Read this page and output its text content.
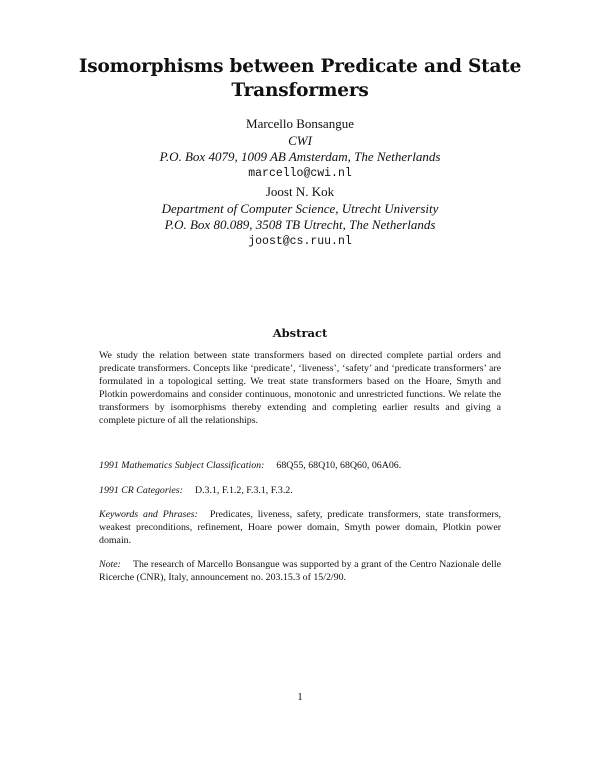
Isomorphisms between Predicate and State
Transformers
Marcello Bonsangue
CWI
P.O. Box 4079, 1009 AB Amsterdam, The Netherlands
marcello@cwi.nl
Joost N. Kok
Department of Computer Science, Utrecht University
P.O. Box 80.089, 3508 TB Utrecht, The Netherlands
joost@cs.ruu.nl
Abstract
We study the relation between state transformers based on directed complete partial orders and predicate transformers. Concepts like ‘predicate’, ‘liveness’, ‘safety’ and ‘predicate transformers’ are formulated in a topological setting. We treat state transformers based on the Hoare, Smyth and Plotkin powerdomains and consider continuous, monotonic and unrestricted functions. We relate the transformers by isomorphisms thereby extending and completing earlier results and giving a complete picture of all the relationships.
1991 Mathematics Subject Classification: 68Q55, 68Q10, 68Q60, 06A06.
1991 CR Categories: D.3.1, F.1.2, F.3.1, F.3.2.
Keywords and Phrases: Predicates, liveness, safety, predicate transformers, state transformers, weakest preconditions, refinement, Hoare power domain, Smyth power domain, Plotkin power domain.
Note: The research of Marcello Bonsangue was supported by a grant of the Centro Nazionale delle Ricerche (CNR), Italy, announcement no. 203.15.3 of 15/2/90.
1
